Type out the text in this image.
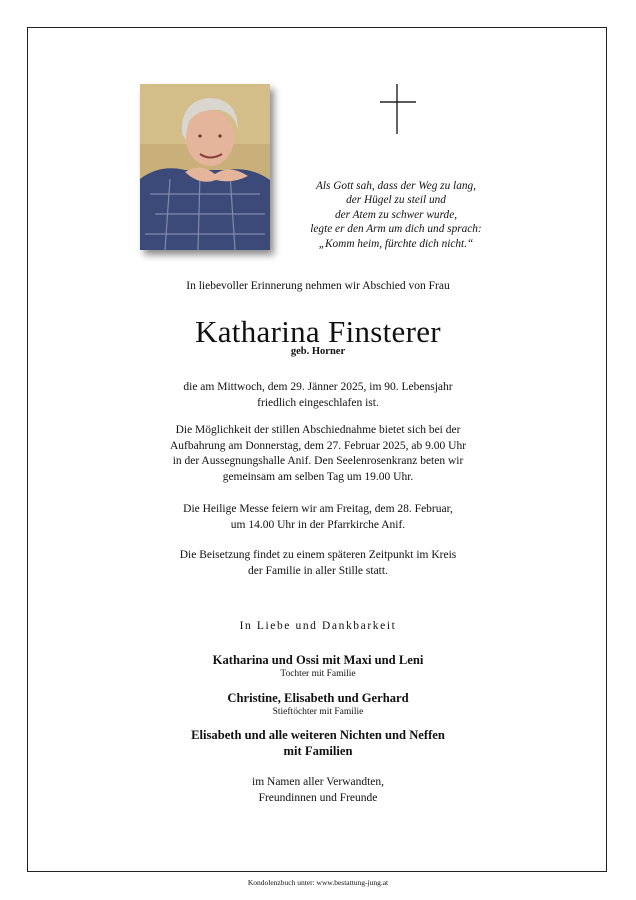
Als Gott sah, dass der Weg zu lang,
der Hügel zu steil und
der Atem zu schwer wurde,
legte er den Arm um dich und sprach:
„Komm heim, fürchte dich nicht.“
In liebevoller Erinnerung nehmen wir Abschied von Frau
Katharina Finsterer
geb. Horner
die am Mittwoch, dem 29. Jänner 2025, im 90. Lebensjahr
friedlich eingeschlafen ist.
Die Möglichkeit der stillen Abschiednahme bietet sich bei der
Aufbahrung am Donnerstag, dem 27. Februar 2025, ab 9.00 Uhr
in der Aussegnungshalle Anif. Den Seelenrosenkranz beten wir
gemeinsam am selben Tag um 19.00 Uhr.
Die Heilige Messe feiern wir am Freitag, dem 28. Februar,
um 14.00 Uhr in der Pfarrkirche Anif.
Die Beisetzung findet zu einem späteren Zeitpunkt im Kreis
der Familie in aller Stille statt.
In Liebe und Dankbarkeit
Katharina und Ossi mit Maxi und Leni
Tochter mit Familie
Christine, Elisabeth und Gerhard
Stieftöchter mit Familie
Elisabeth und alle weiteren Nichten und Neffen
mit Familien
im Namen aller Verwandten,
Freundinnen und Freunde
Kondolenzbuch unter: www.bestattung-jung.at
